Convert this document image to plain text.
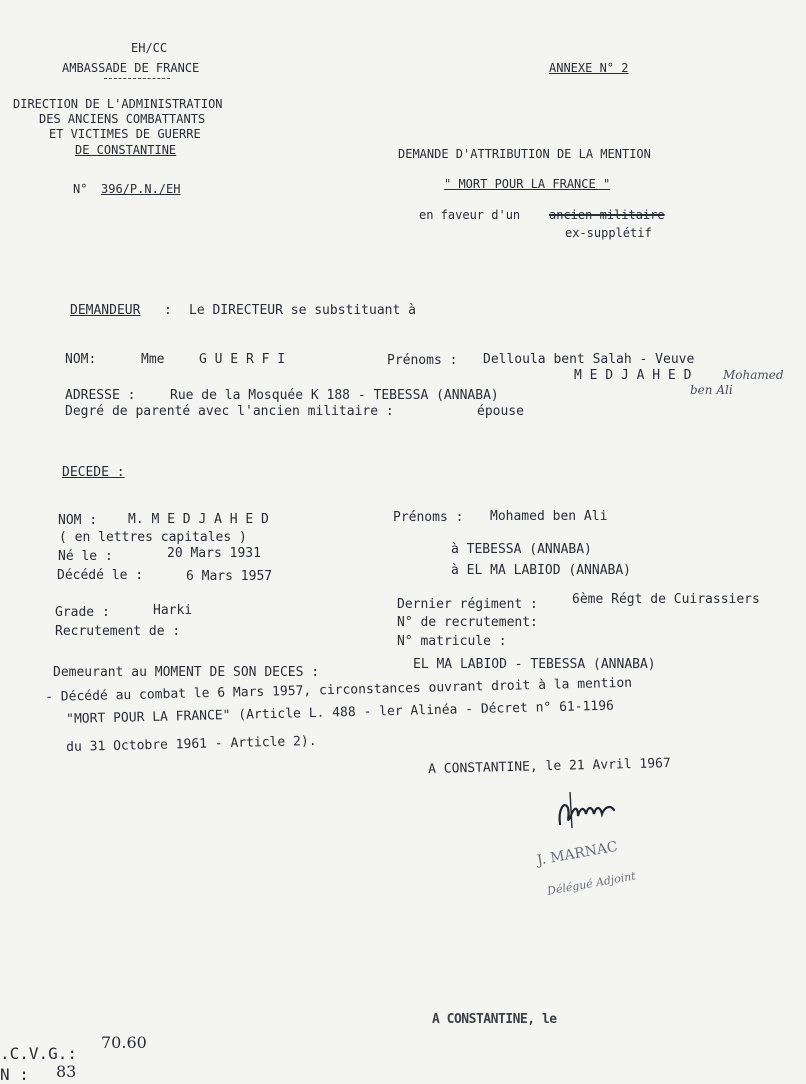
EH/CC
AMBASSADE DE FRANCE
DIRECTION DE L'ADMINISTRATION
DES ANCIENS COMBATTANTS
ET VICTIMES DE GUERRE
DE CONSTANTINE
N° 396/P.N./EH
ANNEXE N° 2
DEMANDE D'ATTRIBUTION DE LA MENTION
" MORT POUR LA FRANCE "
en faveur d'un ancien militaire
ex-supplétif
DEMANDEUR : Le DIRECTEUR se substituant à
NOM:	Mme	G U E R F I	Prénoms : Delloula bent Salah - Veuve
M E D J A H E D	Mohamed
ben Ali
ADRESSE :	Rue de la Mosquée K 188 - TEBESSA (ANNABA)
Degré de parenté avec l'ancien militaire :	épouse
DECEDE :
NOM : M. M E D J A H E D
( en lettres capitales )
Prénoms : Mohamed ben Ali
Né le :	20 Mars 1931	à TEBESSA (ANNABA)
Décédé le :	6 Mars 1957	à EL MA LABIOD (ANNABA)
Grade :	Harki
Recrutement de :
Dernier régiment :	6ème Régt de Cuirassiers
N° de recrutement:
N° matricule :
Demeurant au MOMENT DE SON DECES :
EL MA LABIOD - TEBESSA (ANNABA)
- Décédé au combat le 6 Mars 1957, circonstances ouvrant droit à la mention
"MORT POUR LA FRANCE" (Article L. 488 - ler Alinéa - Décret n° 61-1196
du 31 Octobre 1961 - Article 2).
A CONSTANTINE, le 21 Avril 1967
J. MARNAC
Délégué Adjoint
A CONSTANTINE, le
.C.V.G.:
70.60
N : 83
